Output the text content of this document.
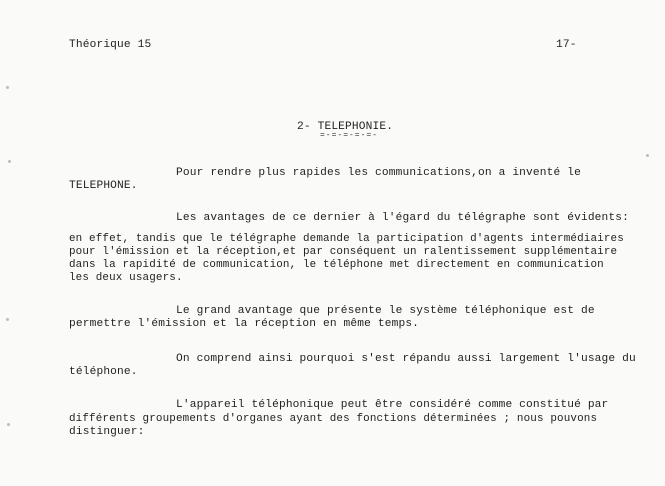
Théorique 15	17-
2- TELEPHONIE.
=-=-=-=-=-
Pour rendre plus rapides les communications,on a inventé le
TELEPHONE.
Les avantages de ce dernier à l'égard du télégraphe sont évidents:
en effet, tandis que le télégraphe demande la participation d'agents intermédiaires
pour l'émission et la réception,et par conséquent un ralentissement supplémentaire
dans la rapidité de communication, le téléphone met directement en communication
les deux usagers.
Le grand avantage que présente le système téléphonique est de
permettre l'émission et la réception en même temps.
On comprend ainsi pourquoi s'est répandu aussi largement l'usage du
téléphone.
L'appareil téléphonique peut être considéré comme constitué par
différents groupements d'organes ayant des fonctions déterminées ; nous pouvons
distinguer:
